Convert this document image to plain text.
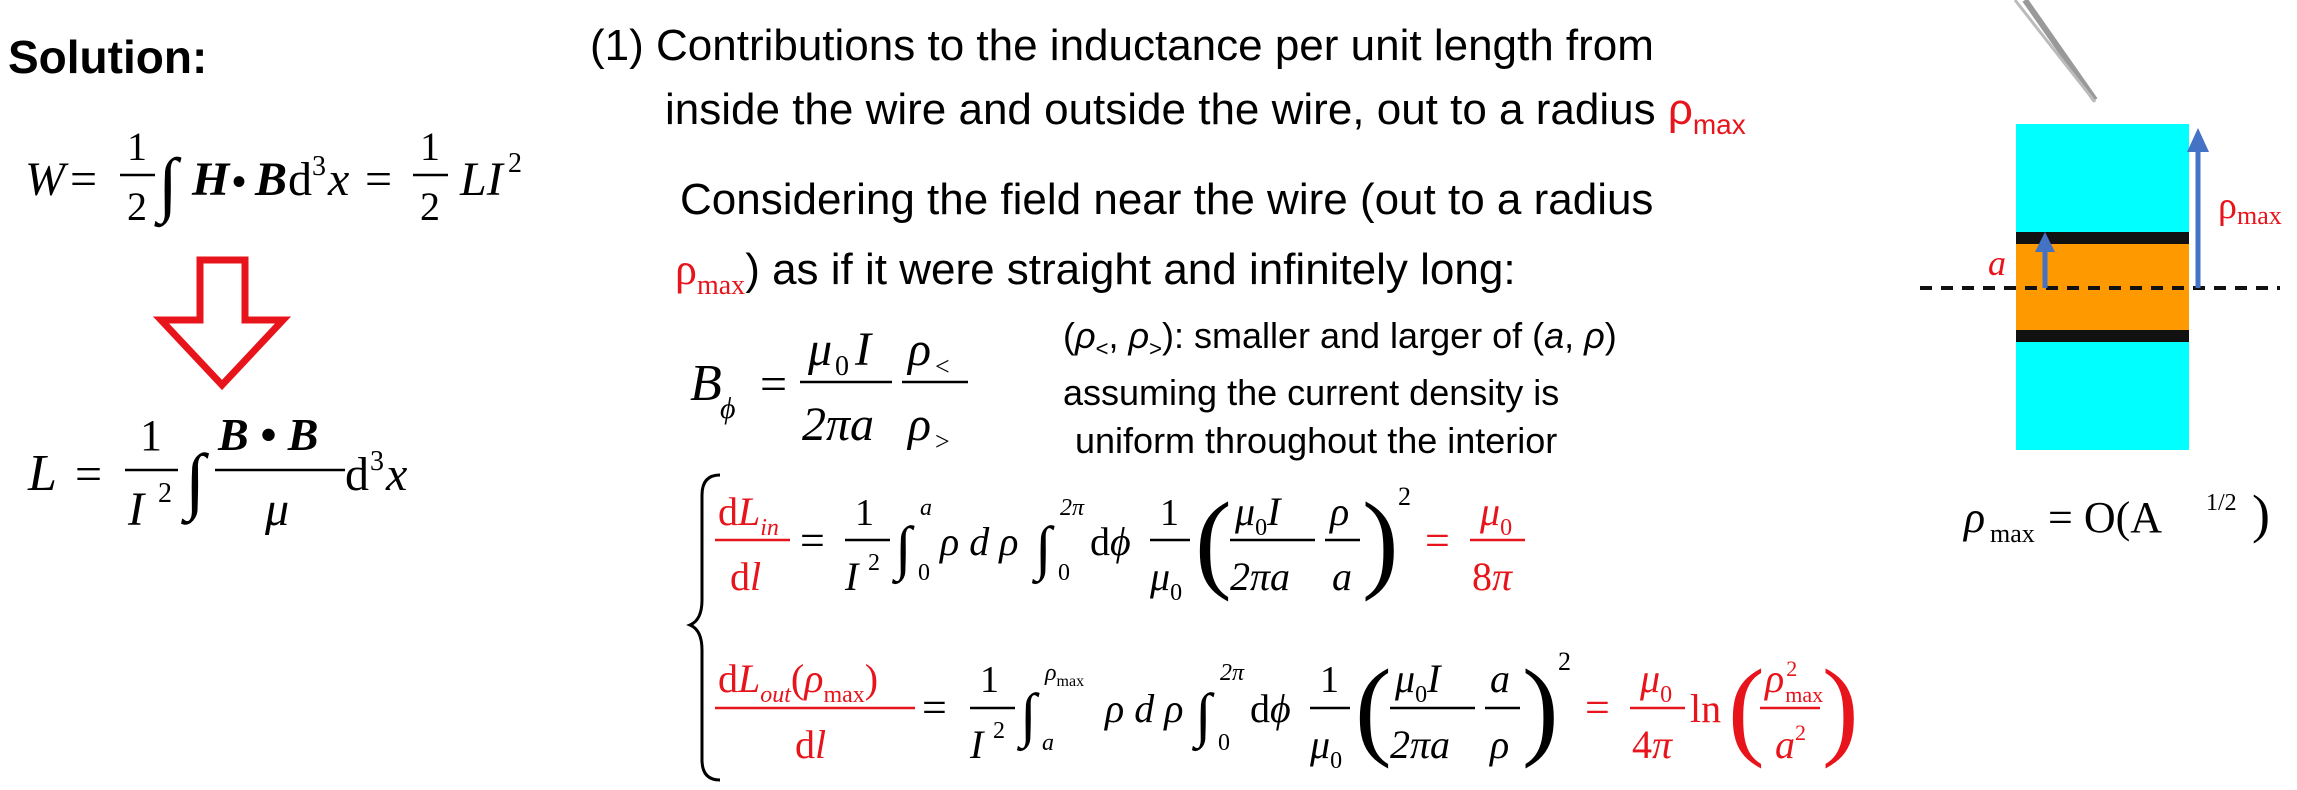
Solution:
W =
1
2 ∫ H • B d 3 x =
1
2
LI 2
L =
1
I 2 ∫
B • B
μ
d 3 x
(1) Contributions to the inductance per unit length from
inside the wire and outside the wire, out to a radius $\rho_{max}$
Considering the field near the wire (out to a radius
$\rho_{max}$) as if it were straight and infinitely long:
B
ϕ =
μ 0 I
2πa
ρ <
ρ >
($\rho_<$, $\rho_>$): smaller and larger of (a, ρ)
assuming the current density is
uniform throughout the interior
$dL_{in}$
dl
=
1
I 2 ∫
a
0
ρ d ρ ∫
2π
0
dϕ
1
$\mu_0$ ( $\mu_0I$
2πa
ρ
a ) 2
=
$\mu_0$
8π
$dL_{out}(\rho_{max})$
dl
=
1
I 2 ∫
$\rho_{max}$
a
ρ d ρ ∫
2π
0
dϕ
1
$\mu_0$ ( $\mu_0I$
2πa
a
ρ ) 2
=
$\mu_0$
4π
ln ( $\rho^2$ max
$a^2$ )
a
ρmax
ρ max = O(A 1/2 )
